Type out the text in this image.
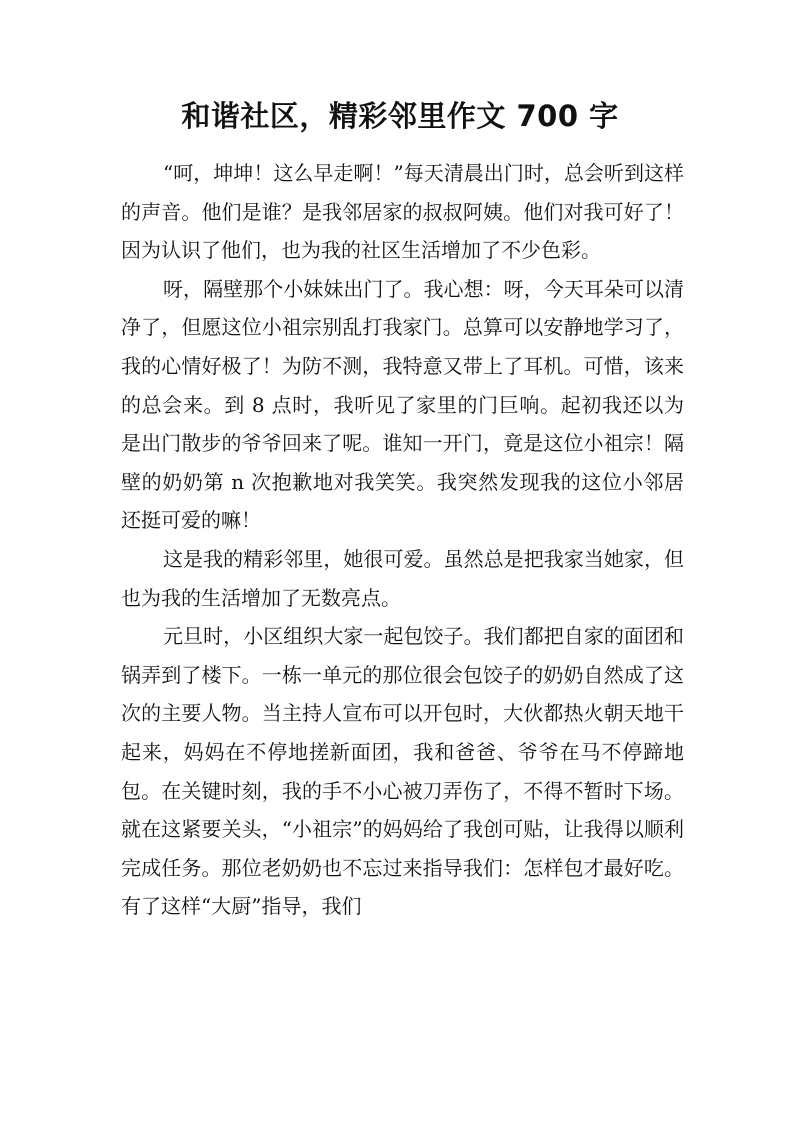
和谐社区，精彩邻里作文 700 字

“呵，坤坤！这么早走啊！”每天清晨出门时，总会听到这样的声音。他们是谁？是我邻居家的叔叔阿姨。他们对我可好了！因为认识了他们，也为我的社区生活增加了不少色彩。

呀，隔壁那个小妹妹出门了。我心想：呀，今天耳朵可以清净了，但愿这位小祖宗别乱打我家门。总算可以安静地学习了，我的心情好极了！为防不测，我特意又带上了耳机。可惜，该来的总会来。到 8 点时，我听见了家里的门巨响。起初我还以为是出门散步的爷爷回来了呢。谁知一开门，竟是这位小祖宗！隔壁的奶奶第 n 次抱歉地对我笑笑。我突然发现我的这位小邻居还挺可爱的嘛！

这是我的精彩邻里，她很可爱。虽然总是把我家当她家，但也为我的生活增加了无数亮点。

元旦时，小区组织大家一起包饺子。我们都把自家的面团和锅弄到了楼下。一栋一单元的那位很会包饺子的奶奶自然成了这次的主要人物。当主持人宣布可以开包时，大伙都热火朝天地干起来，妈妈在不停地搓新面团，我和爸爸、爷爷在马不停蹄地包。在关键时刻，我的手不小心被刀弄伤了，不得不暂时下场。就在这紧要关头，“小祖宗”的妈妈给了我创可贴，让我得以顺利完成任务。那位老奶奶也不忘过来指导我们：怎样包才最好吃。有了这样“大厨”指导，我们
